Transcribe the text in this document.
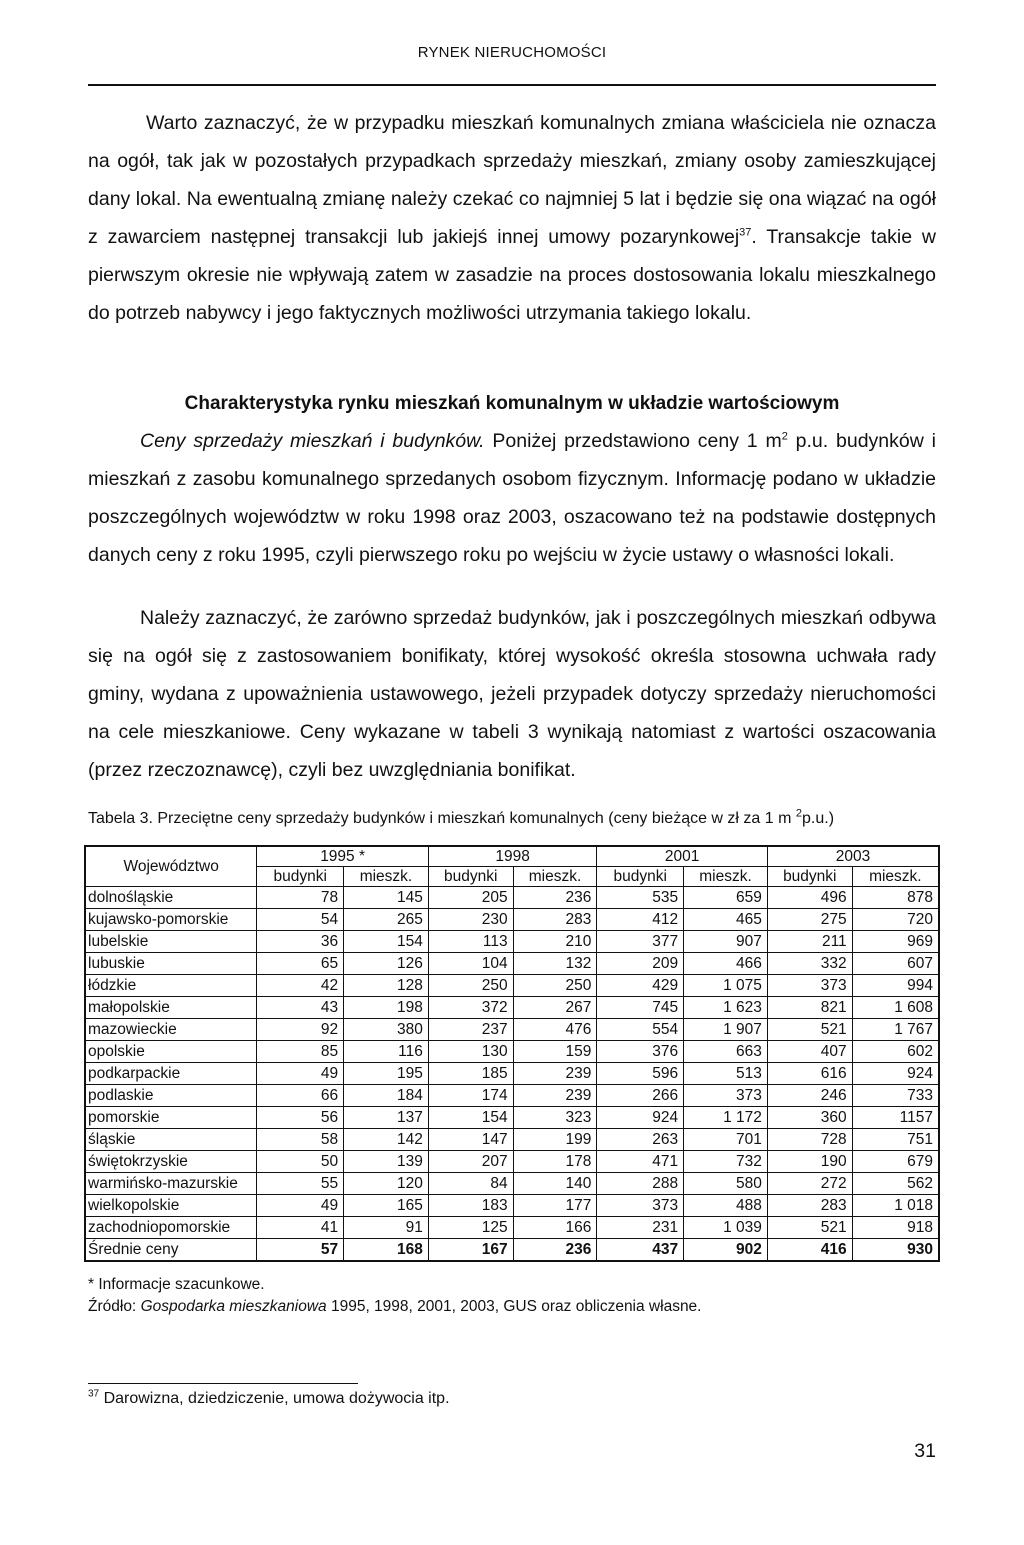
RYNEK NIERUCHOMOŚCI

Warto zaznaczyć, że w przypadku mieszkań komunalnych zmiana właściciela nie oznacza na ogół, tak jak w pozostałych przypadkach sprzedaży mieszkań, zmiany osoby zamieszkującej dany lokal. Na ewentualną zmianę należy czekać co najmniej 5 lat i będzie się ona wiązać na ogół z zawarciem następnej transakcji lub jakiejś innej umowy pozarynkowej$^{37}$. Transakcje takie w pierwszym okresie nie wpływają zatem w zasadzie na proces dostosowania lokalu mieszkalnego do potrzeb nabywcy i jego faktycznych możliwości utrzymania takiego lokalu.

Charakterystyka rynku mieszkań komunalnym w układzie wartościowym

Ceny sprzedaży mieszkań i budynków. Poniżej przedstawiono ceny 1 $m^2$ p.u. budynków i mieszkań z zasobu komunalnego sprzedanych osobom fizycznym. Informację podano w układzie poszczególnych województw w roku 1998 oraz 2003, oszacowano też na podstawie dostępnych danych ceny z roku 1995, czyli pierwszego roku po wejściu w życie ustawy o własności lokali.

Należy zaznaczyć, że zarówno sprzedaż budynków, jak i poszczególnych mieszkań odbywa się na ogół się z zastosowaniem bonifikaty, której wysokość określa stosowna uchwała rady gminy, wydana z upoważnienia ustawowego, jeżeli przypadek dotyczy sprzedaży nieruchomości na cele mieszkaniowe. Ceny wykazane w tabeli 3 wynikają natomiast z wartości oszacowania (przez rzeczoznawcę), czyli bez uwzględniania bonifikat.

Tabela 3. Przeciętne ceny sprzedaży budynków i mieszkań komunalnych (ceny bieżące w zł za 1 m $^2$p.u.)

Województwo	1995 *		1998		2001		2003	
	budynki	mieszk.	budynki	mieszk.	budynki	mieszk.	budynki	mieszk.
dolnośląskie	78	145	205	236	535	659	496	878
kujawsko-pomorskie	54	265	230	283	412	465	275	720
lubelskie	36	154	113	210	377	907	211	969
lubuskie	65	126	104	132	209	466	332	607
łódzkie	42	128	250	250	429	1 075	373	994
małopolskie	43	198	372	267	745	1 623	821	1 608
mazowieckie	92	380	237	476	554	1 907	521	1 767
opolskie	85	116	130	159	376	663	407	602
podkarpackie	49	195	185	239	596	513	616	924
podlaskie	66	184	174	239	266	373	246	733
pomorskie	56	137	154	323	924	1 172	360	1157
śląskie	58	142	147	199	263	701	728	751
świętokrzyskie	50	139	207	178	471	732	190	679
warmińsko-mazurskie	55	120	84	140	288	580	272	562
wielkopolskie	49	165	183	177	373	488	283	1 018
zachodniopomorskie	41	91	125	166	231	1 039	521	918
Średnie ceny	57	168	167	236	437	902	416	930

* Informacje szacunkowe.

Źródło: Gospodarka mieszkaniowa 1995, 1998, 2001, 2003, GUS oraz obliczenia własne.

$^{37}$ Darowizna, dziedziczenie, umowa dożywocia itp.

31
